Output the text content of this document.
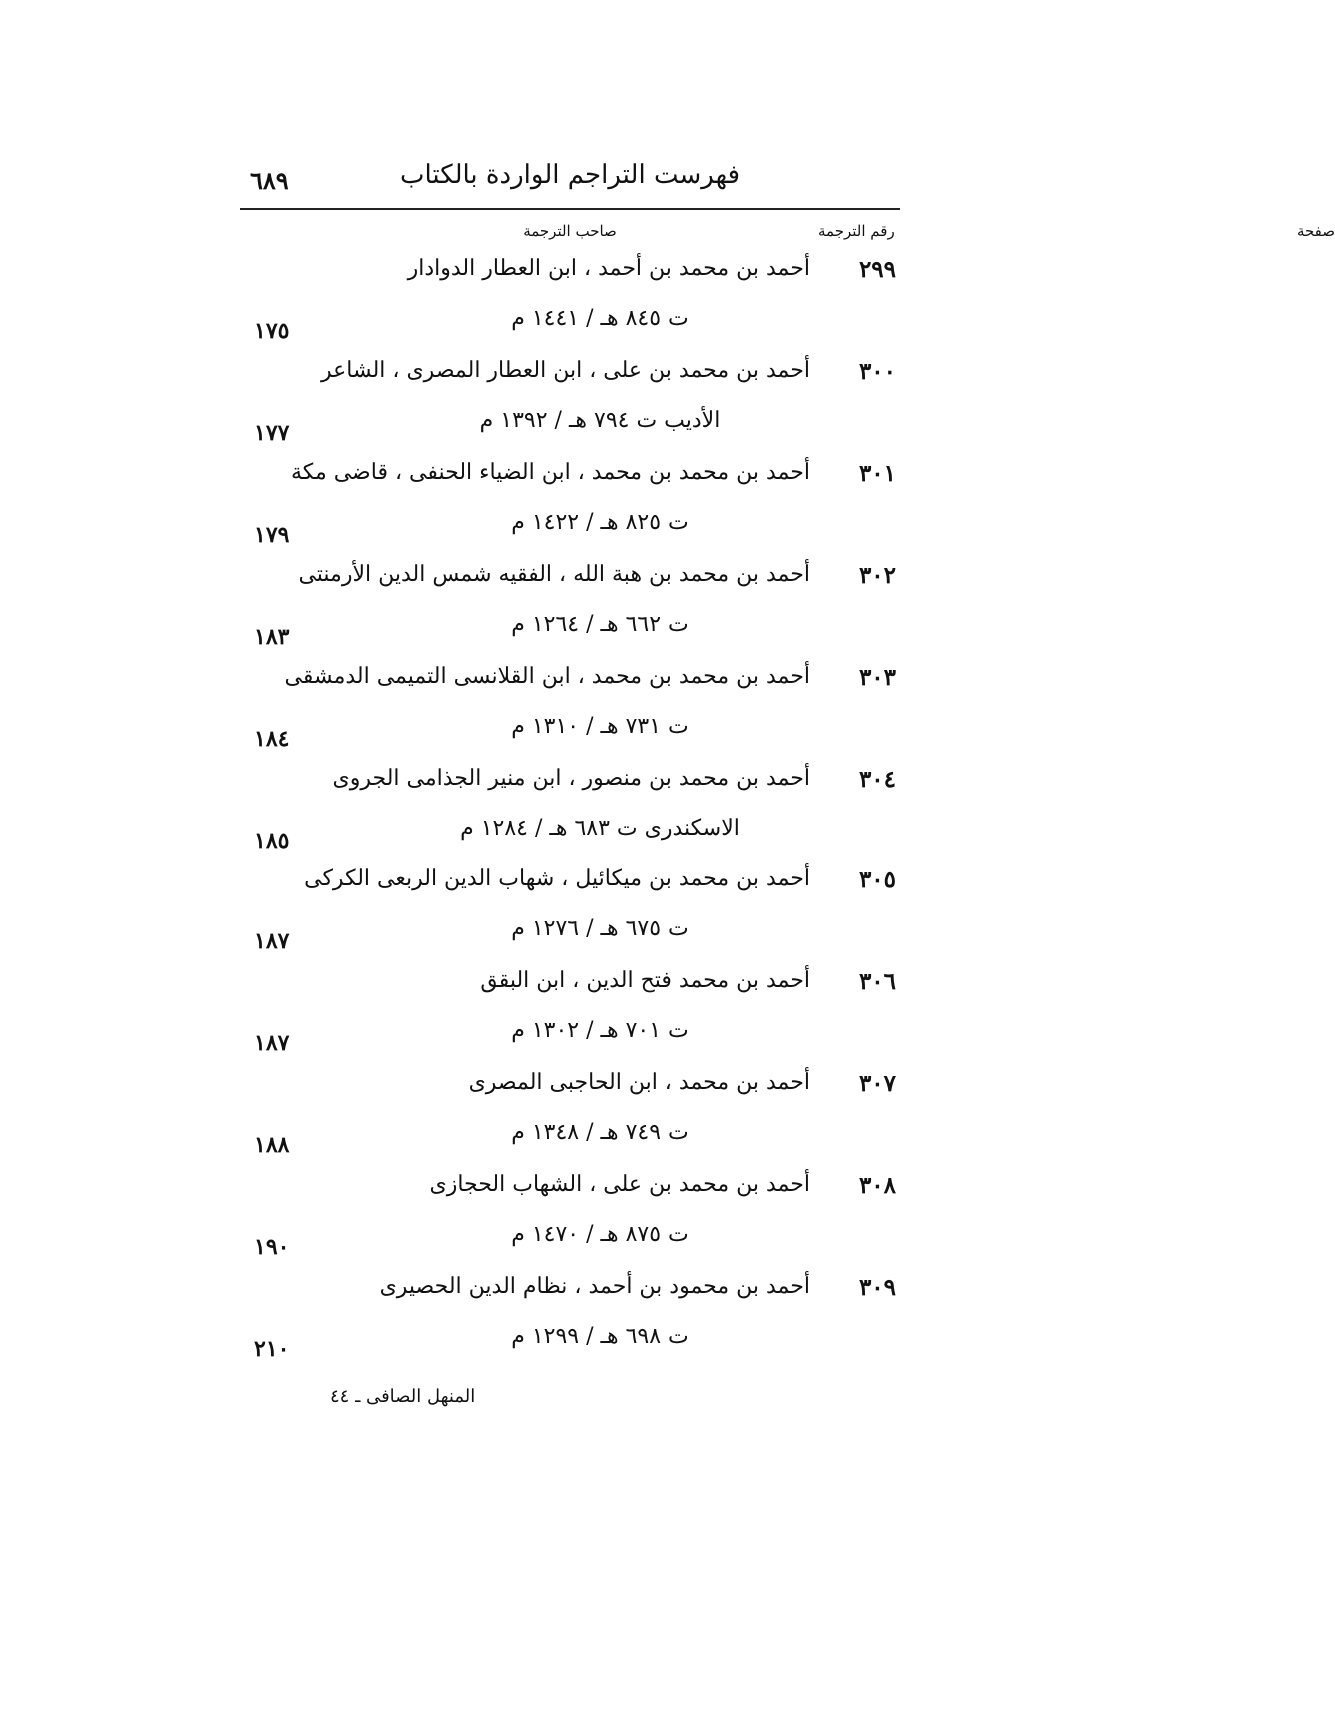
فهرست التراجم الواردة بالكتاب
٦٨٩
رقم الترجمة
صاحب الترجمة	صفحة
٢٩٩
أحمد بن محمد بن أحمد ، ابن العطار الدوادار
ت ٨٤٥ هـ / ١٤٤١ م
١٧٥
٣٠٠
أحمد بن محمد بن على ، ابن العطار المصرى ، الشاعر
الأديب ت ٧٩٤ هـ / ١٣٩٢ م
١٧٧
٣٠١
أحمد بن محمد بن محمد ، ابن الضياء الحنفى ، قاضى مكة
ت ٨٢٥ هـ / ١٤٢٢ م
١٧٩
٣٠٢
أحمد بن محمد بن هبة الله ، الفقيه شمس الدين الأرمنتى
ت ٦٦٢ هـ / ١٢٦٤ م
١٨٣
٣٠٣
أحمد بن محمد بن محمد ، ابن القلانسى التميمى الدمشقى
ت ٧٣١ هـ / ١٣١٠ م
١٨٤
٣٠٤
أحمد بن محمد بن منصور ، ابن منير الجذامى الجروى
الاسكندرى ت ٦٨٣ هـ / ١٢٨٤ م
١٨٥
٣٠٥
أحمد بن محمد بن ميكائيل ، شهاب الدين الربعى الكركى
ت ٦٧٥ هـ / ١٢٧٦ م
١٨٧
٣٠٦
أحمد بن محمد فتح الدين ، ابن البقق
ت ٧٠١ هـ / ١٣٠٢ م
١٨٧
٣٠٧
أحمد بن محمد ، ابن الحاجبى المصرى
ت ٧٤٩ هـ / ١٣٤٨ م
١٨٨
٣٠٨
أحمد بن محمد بن على ، الشهاب الحجازى
ت ٨٧٥ هـ / ١٤٧٠ م
١٩٠
٣٠٩
أحمد بن محمود بن أحمد ، نظام الدين الحصيرى
ت ٦٩٨ هـ / ١٢٩٩ م
٢١٠
المنهل الصافى ـ ٤٤
